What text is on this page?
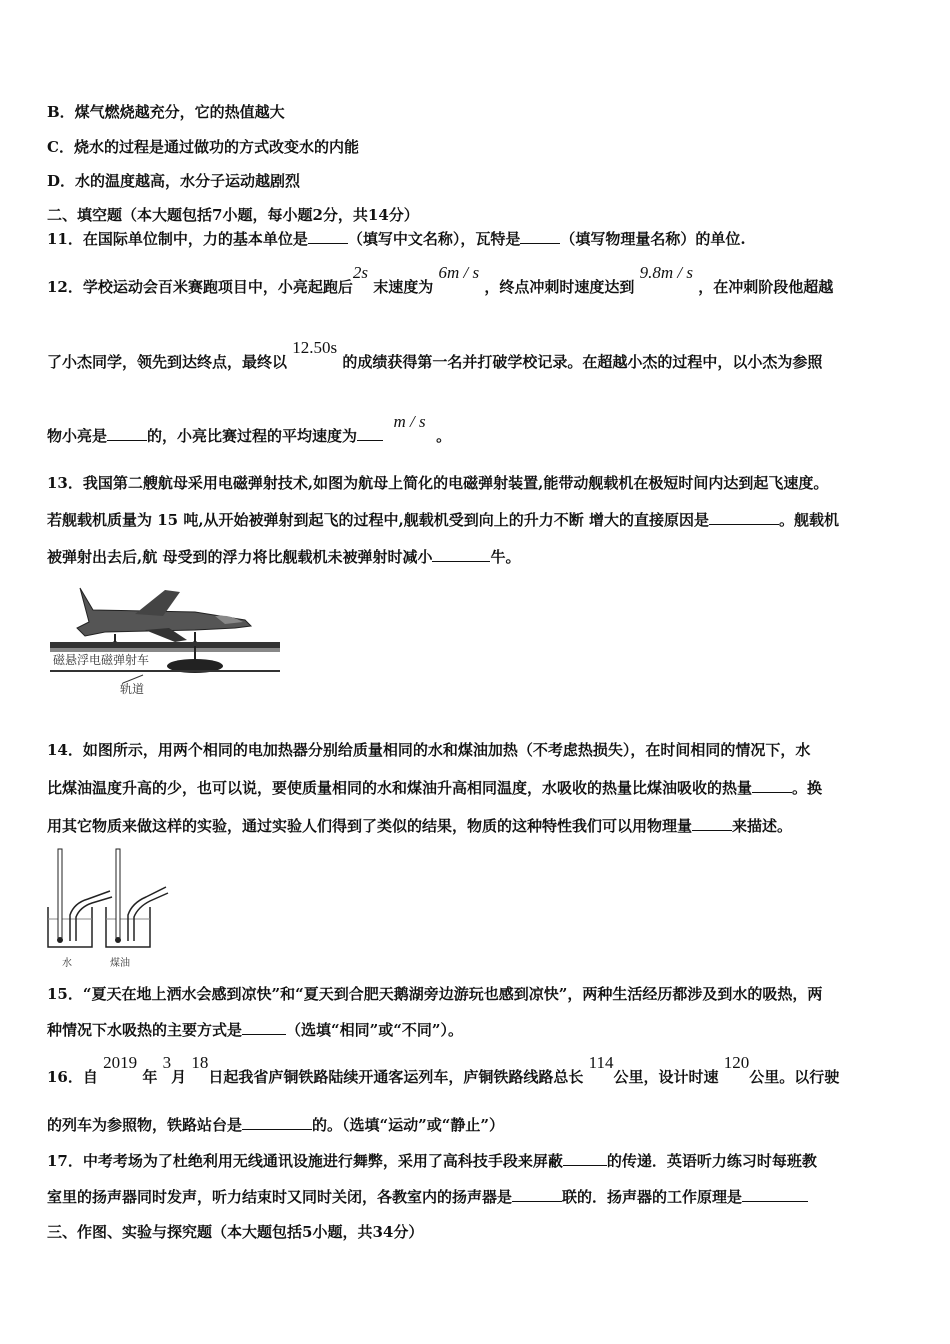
B．煤气燃烧越充分，它的热值越大
C．烧水的过程是通过做功的方式改变水的内能
D．水的温度越高，水分子运动越剧烈
二、填空题（本大题包括7小题，每小题2分，共14分）
11．在国际单位制中，力的基本单位是	（填写中文名称），瓦特是	（填写物理量名称）的单位.
12．学校运动会百米赛跑项目中，小亮起跑后2s 末速度为 6m / s ，终点冲刺时速度达到 9.8m / s ，在冲刺阶段他超越
了小杰同学，领先到达终点，最终以 12.50s 的成绩获得第一名并打破学校记录。在超越小杰的过程中，以小杰为参照
物小亮是	的，小亮比赛过程的平均速度为  m / s  。
13．我国第二艘航母采用电磁弹射技术,如图为航母上简化的电磁弹射装置,能带动舰载机在极短时间内达到起飞速度。
若舰载机质量为 15 吨,从开始被弹射到起飞的过程中,舰载机受到向上的升力不断 增大的直接原因是	。舰载机
被弹射出去后,航 母受到的浮力将比舰载机未被弹射时减小	牛。
磁悬浮电磁弹射车
轨道
14．如图所示，用两个相同的电加热器分别给质量相同的水和煤油加热（不考虑热损失），在时间相同的情况下，水
比煤油温度升高的少，也可以说，要使质量相同的水和煤油升高相同温度，水吸收的热量比煤油吸收的热量	。换
用其它物质来做这样的实验，通过实验人们得到了类似的结果，物质的这种特性我们可以用物理量	来描述。
水	煤油
15．“夏天在地上洒水会感到凉快”和“夏天到合肥天鹅湖旁边游玩也感到凉快”，两种生活经历都涉及到水的吸热，两
种情况下水吸热的主要方式是	（选填“相同”或“不同”）。
16．自 2019 年 3月 18日起我省庐铜铁路陆续开通客运列车，庐铜铁路线路总长 114公里，设计时速 120公里。以行驶
的列车为参照物，铁路站台是	的。（选填“运动”或“静止”）
17．中考考场为了杜绝利用无线通讯设施进行舞弊，采用了高科技手段来屏蔽	的传递．英语听力练习时每班教
室里的扬声器同时发声，听力结束时又同时关闭，各教室内的扬声器是	联的．扬声器的工作原理是
三、作图、实验与探究题（本大题包括5小题，共34分）
